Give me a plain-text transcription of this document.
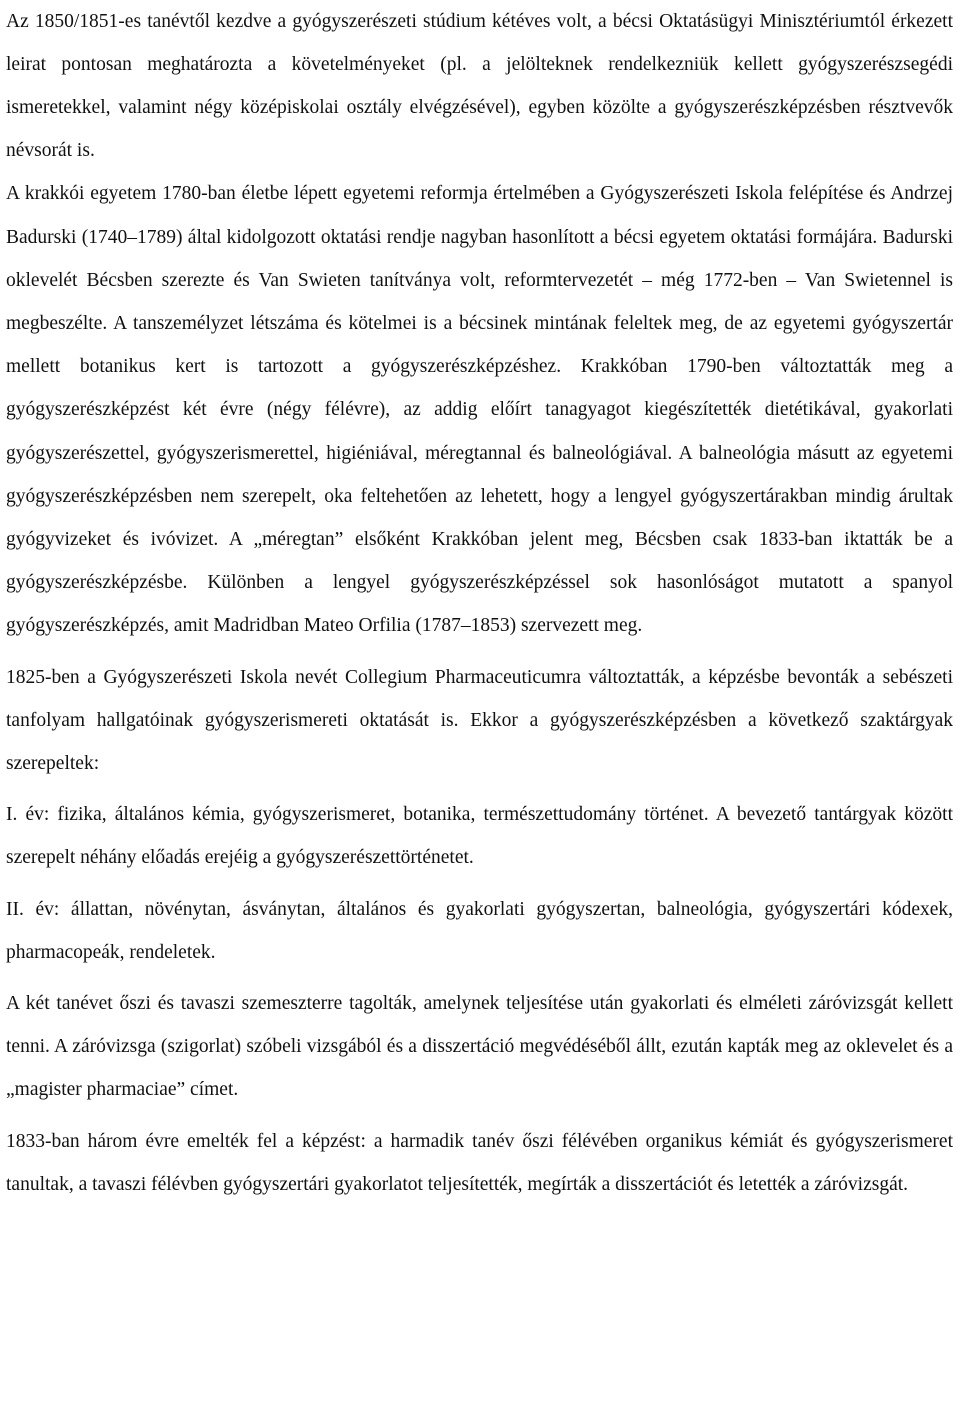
Az 1850/1851-es tanévtől kezdve a gyógyszerészeti stúdium kétéves volt, a bécsi Oktatásügyi Minisztériumtól érkezett leirat pontosan meghatározta a követelményeket (pl. a jelölteknek rendelkezniük kellett gyógyszerészsegédi ismeretekkel, valamint négy középiskolai osztály elvégzésével), egyben közölte a gyógyszerészképzésben résztvevők névsorát is.

A krakkói egyetem 1780-ban életbe lépett egyetemi reformja értelmében a Gyógyszerészeti Iskola felépítése és Andrzej Badurski (1740–1789) által kidolgozott oktatási rendje nagyban hasonlított a bécsi egyetem oktatási formájára. Badurski oklevelét Bécsben szerezte és Van Swieten tanítványa volt, reformtervezetét – még 1772-ben – Van Swietennel is megbeszélte. A tanszemélyzet létszáma és kötelmei is a bécsinek mintának feleltek meg, de az egyetemi gyógyszertár mellett botanikus kert is tartozott a gyógyszerészképzéshez. Krakkóban 1790-ben változtatták meg a gyógyszerészképzést két évre (négy félévre), az addig előírt tanagyagot kiegészítették dietétikával, gyakorlati gyógyszerészettel, gyógyszerismerettel, higiéniával, méregtannal és balneológiával. A balneológia másutt az egyetemi gyógyszerészképzésben nem szerepelt, oka feltehetően az lehetett, hogy a lengyel gyógyszertárakban mindig árultak gyógyvizeket és ivóvizet. A „méregtan” elsőként Krakkóban jelent meg, Bécsben csak 1833-ban iktatták be a gyógyszerészképzésbe. Különben a lengyel gyógyszerészképzéssel sok hasonlóságot mutatott a spanyol gyógyszerészképzés, amit Madridban Mateo Orfilia (1787–1853) szervezett meg.

1825-ben a Gyógyszerészeti Iskola nevét Collegium Pharmaceuticumra változtatták, a képzésbe bevonták a sebészeti tanfolyam hallgatóinak gyógyszerismereti oktatását is. Ekkor a gyógyszerészképzésben a következő szaktárgyak szerepeltek:

I. év: fizika, általános kémia, gyógyszerismeret, botanika, természettudomány történet. A bevezető tantárgyak között szerepelt néhány előadás erejéig a gyógyszerészettörténetet.

II. év: állattan, növénytan, ásványtan, általános és gyakorlati gyógyszertan, balneológia, gyógyszertári kódexek, pharmacopeák, rendeletek.

A két tanévet őszi és tavaszi szemeszterre tagolták, amelynek teljesítése után gyakorlati és elméleti záróvizsgát kellett tenni. A záróvizsga (szigorlat) szóbeli vizsgából és a disszertáció megvédéséből állt, ezután kapták meg az oklevelet és a „magister pharmaciae” címet.

1833-ban három évre emelték fel a képzést: a harmadik tanév őszi félévében organikus kémiát és gyógyszerismeret tanultak, a tavaszi félévben gyógyszertári gyakorlatot teljesítették, megírták a disszertációt és letették a záróvizsgát.
